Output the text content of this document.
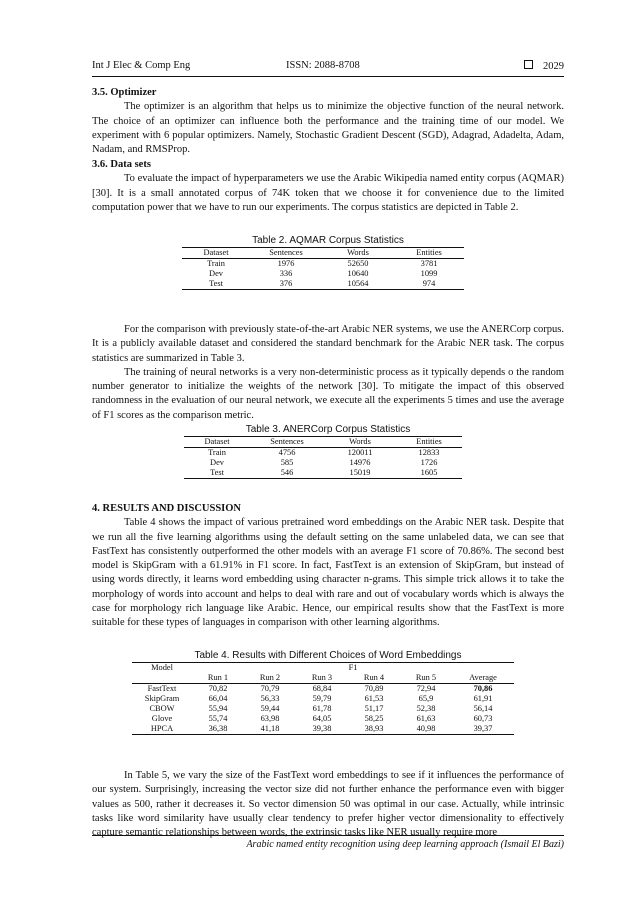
Int J Elec & Comp Eng	ISSN: 2088-8708	2029
3.5. Optimizer

The optimizer is an algorithm that helps us to minimize the objective function of the neural network. The choice of an optimizer can influence both the performance and the training time of our model. We experiment with 6 popular optimizers. Namely, Stochastic Gradient Descent (SGD), Adagrad, Adadelta, Adam, Nadam, and RMSProp.

3.6. Data sets

To evaluate the impact of hyperparameters we use the Arabic Wikipedia named entity corpus (AQMAR) [30]. It is a small annotated corpus of 74K token that we choose it for convenience due to the limited computation power that we have to run our experiments. The corpus statistics are depicted in Table 2.

Table 2. AQMAR Corpus Statistics
Dataset	Sentences	Words	Entities
Train	1976	52650	3781
Dev	336	10640	1099
Test	376	10564	974

For the comparison with previously state-of-the-art Arabic NER systems, we use the ANERCorp corpus. It is a publicly available dataset and considered the standard benchmark for the Arabic NER task. The corpus statistics are summarized in Table 3.

The training of neural networks is a very non-deterministic process as it typically depends o the random number generator to initialize the weights of the network [30]. To mitigate the impact of this observed randomness in the evaluation of our neural network, we execute all the experiments 5 times and use the average of F1 scores as the comparison metric.

Table 3. ANERCorp Corpus Statistics
Dataset	Sentences	Words	Entities
Train	4756	120011	12833
Dev	585	14976	1726
Test	546	15019	1605
4. RESULTS AND DISCUSSION

Table 4 shows the impact of various pretrained word embeddings on the Arabic NER task. Despite that we run all the five learning algorithms using the default setting on the same unlabeled data, we can see that FastText has consistently outperformed the other models with an average F1 score of 70.86%. The second best model is SkipGram with a 61.91% in F1 score. In fact, FastText is an extension of SkipGram, but instead of using words directly, it learns word embedding using character n-grams. This simple trick allows it to take the morphology of words into account and helps to deal with rare and out of vocabulary words which is always the case for morphology rich language like Arabic. Hence, our empirical results show that the FastText is more suitable for these types of languages in comparison with other learning algorithms.

Table 4. Results with Different Choices of Word Embeddings
Model	F1					
	Run 1	Run 2	Run 3	Run 4	Run 5	Average
FastText	70,82	70,79	68,84	70,89	72,94	70,86
SkipGram	66,04	56,33	59,79	61,53	65,9	61,91
CBOW	55,94	59,44	61,78	51,17	52,38	56,14
Glove	55,74	63,98	64,05	58,25	61,63	60,73
HPCA	36,38	41,18	39,38	38,93	40,98	39,37

In Table 5, we vary the size of the FastText word embeddings to see if it influences the performance of our system. Surprisingly, increasing the vector size did not further enhance the performance even with bigger values as 500, rather it decreases it. So vector dimension 50 was optimal in our case. Actually, while intrinsic tasks like word similarity have usually clear tendency to prefer higher vector dimensionality to effectively capture semantic relationships between words, the extrinsic tasks like NER usually require more

Arabic named entity recognition using deep learning approach (Ismail El Bazi)
